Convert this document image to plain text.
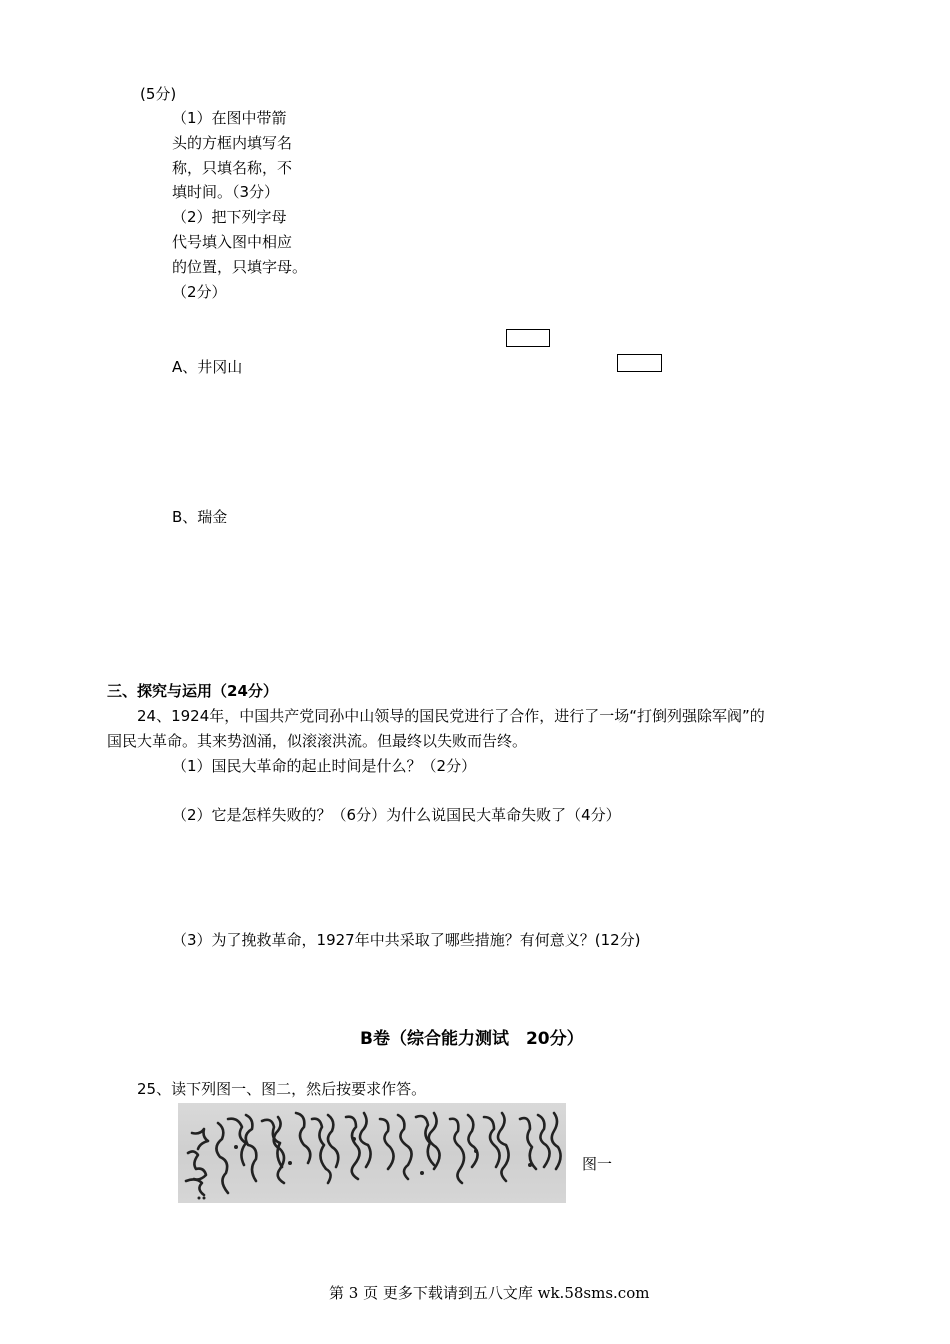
(5分)
（1）在图中带箭
头的方框内填写名
称，只填名称，不
填时间。（3分）
（2）把下列字母
代号填入图中相应
的位置，只填字母。
（2分）
A、井冈山
B、瑞金
三、探究与运用（24分）
24、1924年，中国共产党同孙中山领导的国民党进行了合作，进行了一场“打倒列强除军阀”的
国民大革命。其来势汹涌，似滚滚洪流。但最终以失败而告终。
（1）国民大革命的起止时间是什么？（2分）
（2）它是怎样失败的？（6分）为什么说国民大革命失败了（4分）
（3）为了挽救革命，1927年中共采取了哪些措施？有何意义？(12分)
B卷（综合能力测试　20分）
25、读下列图一、图二，然后按要求作答。
图一
第 3 页 更多下载请到五八文库 wk.58sms.com
